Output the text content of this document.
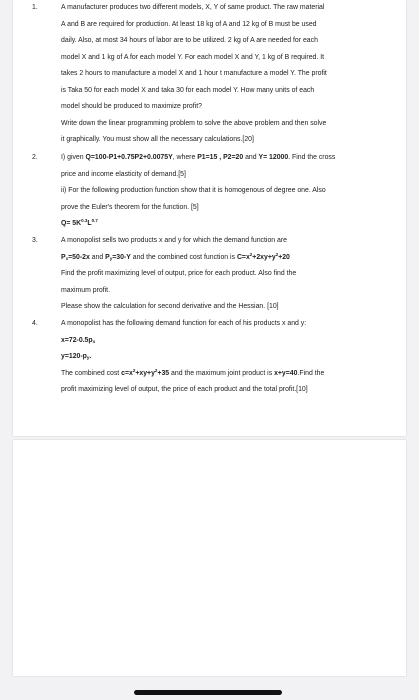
1.	A manufacturer produces two different models, X, Y of same product. The raw material
A and B are required for production. At least 18 kg of A and 12 kg of B must be used
daily. Also, at most 34 hours of labor are to be utilized. 2 kg of A are needed for each
model X and 1 kg of A for each model Y. For each model X and Y, 1 kg of B required. It
takes 2 hours to manufacture a model X and 1 hour t manufacture a model Y. The profit
is Taka 50 for each model X and taka 30 for each model Y. How many units of each
model should be produced to maximize profit?
Write down the linear programming problem to solve the above problem and then solve
it graphically. You must show all the necessary calculations.[20]
2.	I) given Q=100-P1+0.75P2+0.0075Y, where P1=15 , P2=20 and Y= 12000. Find the cross
price and income elasticity of demand.[5]
ii) For the following production function show that it is homogenous of degree one. Also
prove the Euler's theorem for the function. [5]
$Q= 5K^{0.3}L^{0.7}$
3.	A monopolist sells two products x and y for which the demand function are
$P_x=50-2x$ and $P_y=30-Y$ and the combined cost function is $C=x^2+2xy+y^2+20$
Find the profit maximizing level of output, price for each product. Also find the
maximum profit.
Please show the calculation for second derivative and the Hessian. [10]
4.	A monopolist has the following demand function for each of his products x and y:
$x=72-0.5p_x$
$y=120-p_y$.
The combined cost $c=x^2+xy+y^2+35$ and the maximum joint product is x+y=40.Find the
profit maximizing level of output, the price of each product and the total profit.[10]
